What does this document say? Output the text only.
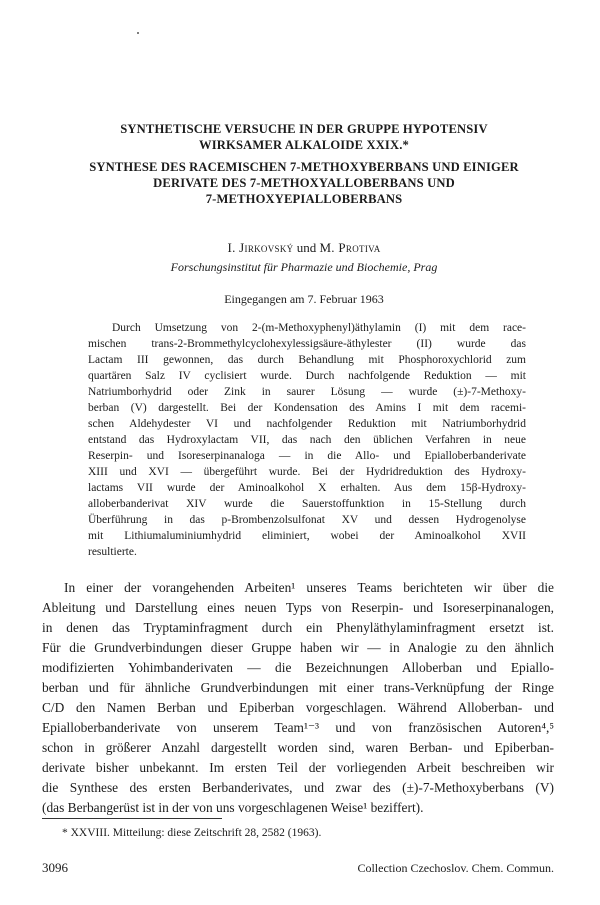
SYNTHETISCHE VERSUCHE IN DER GRUPPE HYPOTENSIV
WIRKSAMER ALKALOIDE XXIX.*
SYNTHESE DES RACEMISCHEN 7-METHOXYBERBANS UND EINIGER
DERIVATE DES 7-METHOXYALLOBERBANS UND
7-METHOXYEPIALLOBERBANS
I. Jirkovský und M. Protiva
Forschungsinstitut für Pharmazie und Biochemie, Prag
Eingegangen am 7. Februar 1963
Durch Umsetzung von 2-(m-Methoxyphenyl)äthylamin (I) mit dem race-
mischen trans-2-Brommethylcyclohexylessigsäure-äthylester (II) wurde das
Lactam III gewonnen, das durch Behandlung mit Phosphoroxychlorid zum
quartären Salz IV cyclisiert wurde. Durch nachfolgende Reduktion — mit
Natriumborhydrid oder Zink in saurer Lösung — wurde (±)-7-Methoxy-
berban (V) dargestellt. Bei der Kondensation des Amins I mit dem racemi-
schen Aldehydester VI und nachfolgender Reduktion mit Natriumborhydrid
entstand das Hydroxylactam VII, das nach den üblichen Verfahren in neue
Reserpin- und Isoreserpinanaloga — in die Allo- und Epialloberbanderivate
XIII und XVI — übergeführt wurde. Bei der Hydridreduktion des Hydroxy-
lactams VII wurde der Aminoalkohol X erhalten. Aus dem 15β-Hydroxy-
alloberbanderivat XIV wurde die Sauerstoffunktion in 15-Stellung durch
Überführung in das p-Brombenzolsulfonat XV und dessen Hydrogenolyse
mit Lithiumaluminiumhydrid eliminiert, wobei der Aminoalkohol XVII
resultierte.
In einer der vorangehenden Arbeiten¹ unseres Teams berichteten wir über die
Ableitung und Darstellung eines neuen Typs von Reserpin- und Isoreserpinanalogen,
in denen das Tryptaminfragment durch ein Phenyläthylaminfragment ersetzt ist.
Für die Grundverbindungen dieser Gruppe haben wir — in Analogie zu den ähnlich
modifizierten Yohimbanderivaten — die Bezeichnungen Alloberban und Epiallo-
berban und für ähnliche Grundverbindungen mit einer trans-Verknüpfung der Ringe
C/D den Namen Berban und Epiberban vorgeschlagen. Während Alloberban- und
Epialloberbanderivate von unserem Team¹⁻³ und von französischen Autoren⁴,⁵
schon in größerer Anzahl dargestellt worden sind, waren Berban- und Epiberban-
derivate bisher unbekannt. Im ersten Teil der vorliegenden Arbeit beschreiben wir
die Synthese des ersten Berbanderivates, und zwar des (±)-7-Methoxyberbans (V)
(das Berbangerüst ist in der von uns vorgeschlagenen Weise¹ beziffert).
* XXVIII. Mitteilung: diese Zeitschrift 28, 2582 (1963).
3096	Collection Czechoslov. Chem. Commun.
